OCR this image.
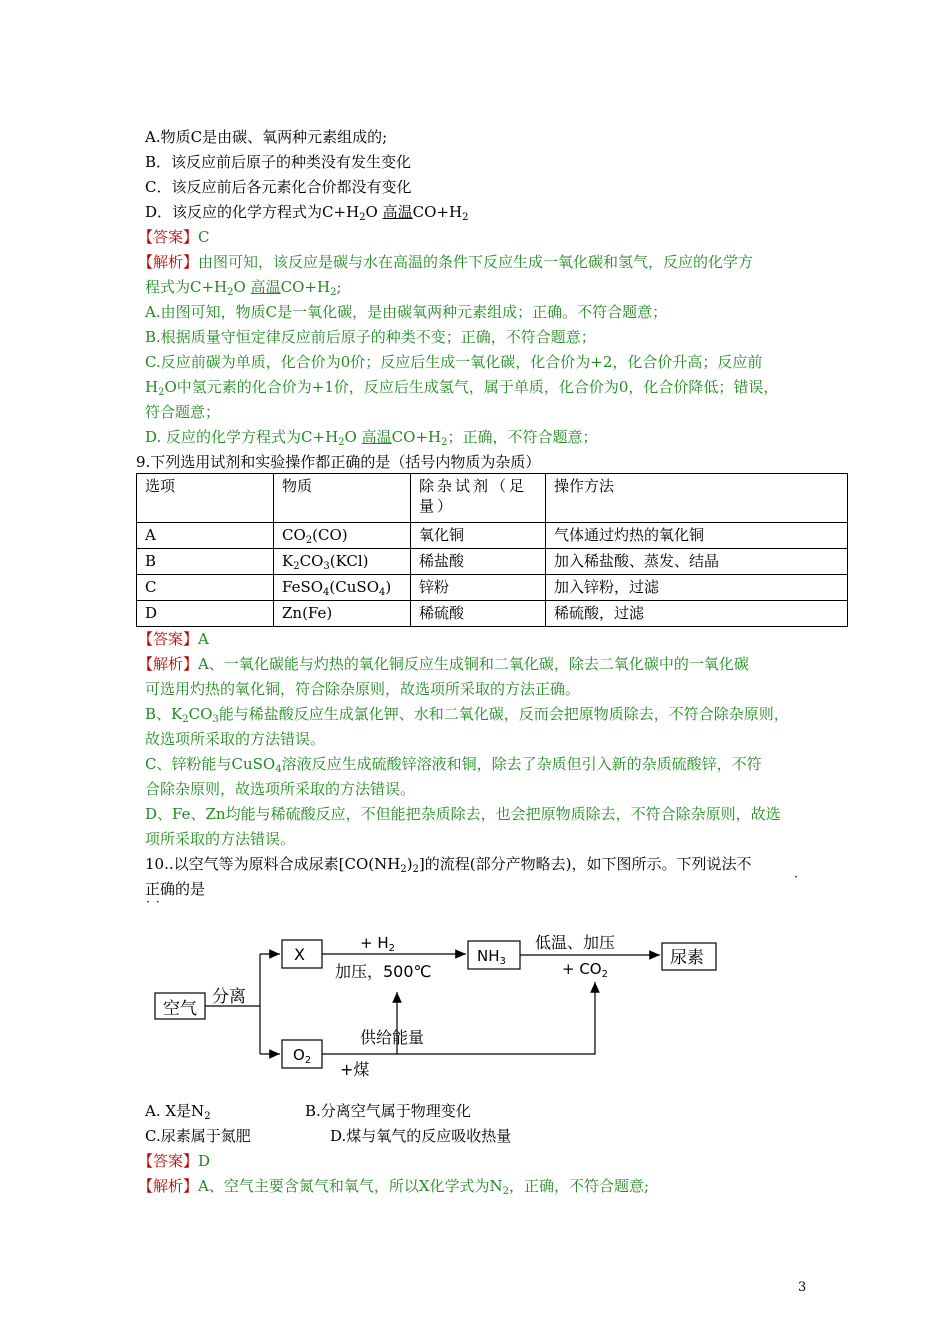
A.物质C是由碳、氧两种元素组成的;
B．该反应前后原子的种类没有发生变化
C．该反应前后各元素化合价都没有变化
D．该反应的化学方程式为$C+H_2O$ 高温$CO+H_2$
【答案】C
【解析】由图可知，该反应是碳与水在高温的条件下反应生成一氧化碳和氢气，反应的化学方
程式为$C+H_2O$ 高温$CO+H_2$;
A.由图可知，物质C是一氧化碳，是由碳氧两种元素组成；正确。不符合题意；
B.根据质量守恒定律反应前后原子的种类不变；正确，不符合题意；
C.反应前碳为单质，化合价为0价；反应后生成一氧化碳，化合价为+2，化合价升高；反应前
$H_2O$中氢元素的化合价为+1价，反应后生成氢气，属于单质，化合价为0，化合价降低；错误，
符合题意；
D. 反应的化学方程式为$C+H_2O$ 高温$CO+H_2$；正确，不符合题意；
9.下列选用试剂和实验操作都正确的是（括号内物质为杂质）
选项	物质	除杂试剂（足量）	操作方法
A	$CO_2(CO)$	氧化铜	气体通过灼热的氧化铜
B	$K_2CO_3(KCl)$	稀盐酸	加入稀盐酸、蒸发、结晶
C	FeSO$_4$(CuSO$_4$)	锌粉	加入锌粉，过滤
D	Zn(Fe)	稀硫酸	稀硫酸，过滤
【答案】A
【解析】A、一氧化碳能与灼热的氧化铜反应生成铜和二氧化碳，除去二氧化碳中的一氧化碳
可选用灼热的氧化铜，符合除杂原则，故选项所采取的方法正确。
B、$K_2CO_3$能与稀盐酸反应生成氯化钾、水和二氧化碳，反而会把原物质除去，不符合除杂原则，
故选项所采取的方法错误。
C、锌粉能与CuSO$_4$溶液反应生成硫酸锌溶液和铜，除去了杂质但引入新的杂质硫酸锌，不符
合除杂原则，故选项所采取的方法错误。
D、Fe、Zn均能与稀硫酸反应，不但能把杂质除去，也会把原物质除去，不符合除杂原则，故选
项所采取的方法错误。
10..以空气等为原料合成尿素$[CO(NH_2)_2]$的流程(部分产物略去)，如下图所示。下列说法不
正确的是
·
··
空气
分离
X
+ $H_2$
加压，500℃
$NH_3$
低温、加压
+ $CO_2$
尿素
供给能量
$O_2$ +煤
A. X是$N_2$	B.分离空气属于物理变化
C.尿素属于氮肥	D.煤与氧气的反应吸收热量
【答案】D
【解析】A、空气主要含氮气和氧气，所以X化学式为$N_2$，正确，不符合题意;
3
